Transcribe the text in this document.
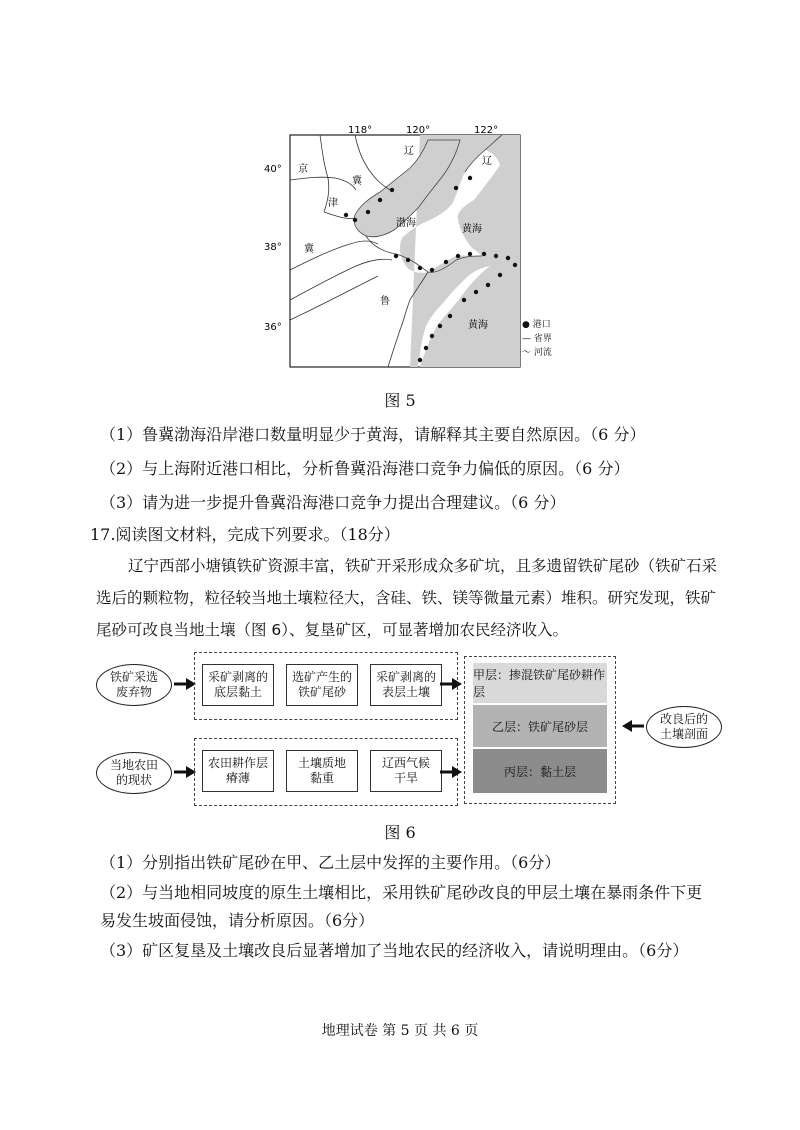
118°	120°	122°
40°
38°
36°
京
冀
津
冀
辽
辽
鲁
渤海
黄海
黄海	● 港口
— 省界
～ 河流
图 5
（1）鲁冀渤海沿岸港口数量明显少于黄海，请解释其主要自然原因。（6 分）
（2）与上海附近港口相比，分析鲁冀沿海港口竞争力偏低的原因。（6 分）
（3）请为进一步提升鲁冀沿海港口竞争力提出合理建议。（6 分）
17.阅读图文材料，完成下列要求。（18分）
辽宁西部小塘镇铁矿资源丰富，铁矿开采形成众多矿坑，且多遗留铁矿尾砂（铁矿石采
选后的颗粒物，粒径较当地土壤粒径大，含硅、铁、镁等微量元素）堆积。研究发现，铁矿
尾砂可改良当地土壤（图 6）、复垦矿区，可显著增加农民经济收入。
铁矿采选
废弃物
当地农田
的现状
采矿剥离的
底层黏土
选矿产生的
铁矿尾砂
采矿剥离的
表层土壤
农田耕作层
瘠薄
土壤质地
黏重
辽西气候
干旱
甲层：掺混铁矿尾砂耕作层
乙层：铁矿尾砂层
丙层：黏土层
改良后的
土壤剖面
图 6
（1）分别指出铁矿尾砂在甲、乙土层中发挥的主要作用。（6分）
（2）与当地相同坡度的原生土壤相比，采用铁矿尾砂改良的甲层土壤在暴雨条件下更
易发生坡面侵蚀，请分析原因。（6分）
（3）矿区复垦及土壤改良后显著增加了当地农民的经济收入，请说明理由。（6分）
地理试卷 第 5 页 共 6 页
